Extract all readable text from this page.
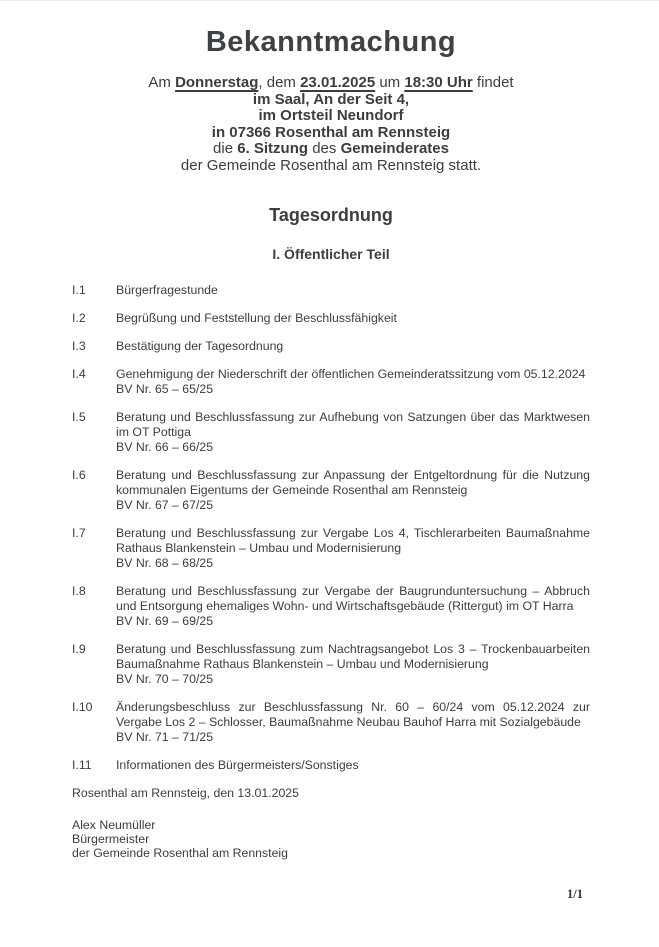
Bekanntmachung
Am Donnerstag, dem 23.01.2025 um 18:30 Uhr findet
im Saal, An der Seit 4,
im Ortsteil Neundorf
in 07366 Rosenthal am Rennsteig
die 6. Sitzung des Gemeinderates
der Gemeinde Rosenthal am Rennsteig statt.
Tagesordnung
I. Öffentlicher Teil
I.1	Bürgerfragestunde
I.2	Begrüßung und Feststellung der Beschlussfähigkeit
I.3	Bestätigung der Tagesordnung
I.4	Genehmigung der Niederschrift der öffentlichen Gemeinderatssitzung vom 05.12.2024
BV Nr. 65 – 65/25
I.5	Beratung und Beschlussfassung zur Aufhebung von Satzungen über das Marktwesen im OT Pottiga
BV Nr. 66 – 66/25
I.6	Beratung und Beschlussfassung zur Anpassung der Entgeltordnung für die Nutzung kommunalen Eigentums der Gemeinde Rosenthal am Rennsteig
BV Nr. 67 – 67/25
I.7	Beratung und Beschlussfassung zur Vergabe Los 4, Tischlerarbeiten Baumaßnahme Rathaus Blankenstein – Umbau und Modernisierung
BV Nr. 68 – 68/25
I.8	Beratung und Beschlussfassung zur Vergabe der Baugrunduntersuchung – Abbruch und Entsorgung ehemaliges Wohn- und Wirtschaftsgebäude (Rittergut) im OT Harra
BV Nr. 69 – 69/25
I.9	Beratung und Beschlussfassung zum Nachtragsangebot Los 3 – Trockenbauarbeiten Baumaßnahme Rathaus Blankenstein – Umbau und Modernisierung
BV Nr. 70 – 70/25
I.10	Änderungsbeschluss zur Beschlussfassung Nr. 60 – 60/24 vom 05.12.2024 zur Vergabe Los 2 – Schlosser, Baumaßnahme Neubau Bauhof Harra mit Sozialgebäude
BV Nr. 71 – 71/25
I.11	Informationen des Bürgermeisters/Sonstiges
Rosenthal am Rennsteig, den 13.01.2025
Alex Neumüller
Bürgermeister
der Gemeinde Rosenthal am Rennsteig
1/1
